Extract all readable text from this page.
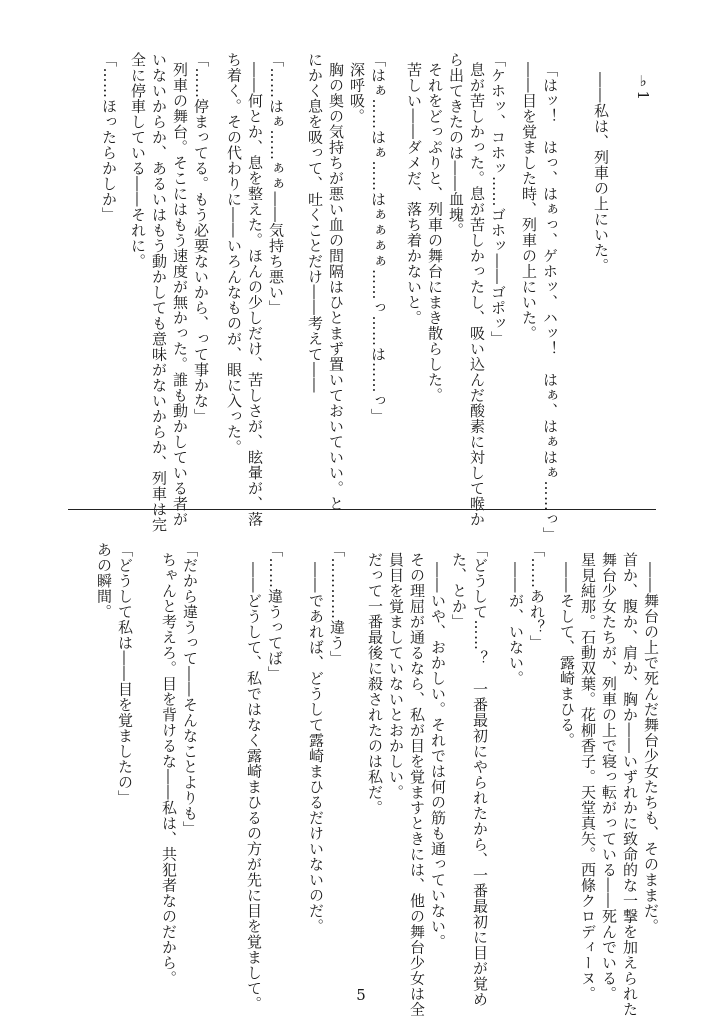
♭1
――私は、列車の上にいた。
「はッ！　はっ、はぁっ、ゲホッ、ハッ！　はぁ、はぁはぁ……っ」
――目を覚ました時、列車の上にいた。
「ケホッ、コホッ……ゴホッ――ゴポッ」
息が苦しかった。息が苦しかったし、吸い込んだ酸素に対して喉か
ら出てきたのは――血塊。
それをどっぷりと、列車の舞台にまき散らした。
苦しい――ダメだ、落ち着かないと。
「はぁ……はぁ……はぁぁぁぁ……っ……は……っ」
深呼吸。
胸の奥の気持ちが悪い血の間隔はひとまず置いておいていい。と
にかく息を吸って、吐くことだけ――考えて――
「……はぁ……ぁぁ――気持ち悪い」
――何とか、息を整えた。ほんの少しだけ、苦しさが、眩暈が、落
ち着く。その代わりに――いろんなものが、眼に入った。
「……停まってる。もう必要ないから、って事かな」
列車の舞台。そこにはもう速度が無かった。誰も動かしている者が
いないからか、あるいはもう動かしても意味がないからか、列車は完
全に停車している――それに。
「……ほったらかしか」
――舞台の上で死んだ舞台少女たちも、そのままだ。
首か、腹か、肩か、胸か――いずれかに致命的な一撃を加えられた
舞台少女たちが、列車の上で寝っ転がっている――死んでいる。
星見純那。石動双葉。花柳香子。天堂真矢。西條クロディーヌ。
――そして、露崎まひる。
「……あれ？」
――が、いない。
「どうして……？　一番最初にやられたから、一番最初に目が覚め
た、とか」
――いや、おかしい。それでは何の筋も通っていない。
その理屈が通るなら、私が目を覚ますときには、他の舞台少女は全
員目を覚ましていないとおかしい。
だって一番最後に殺されたのは私だ。
「…………違う」
――であれば、どうして露崎まひるだけいないのだ。
「……違うってば」
――どうして、私ではなく露崎まひるの方が先に目を覚まして。
「だから違うって――そんなことよりも」
ちゃんと考えろ。目を背けるな――私は、共犯者なのだから。
「どうして私は――目を覚ましたの」
あの瞬間。
5
